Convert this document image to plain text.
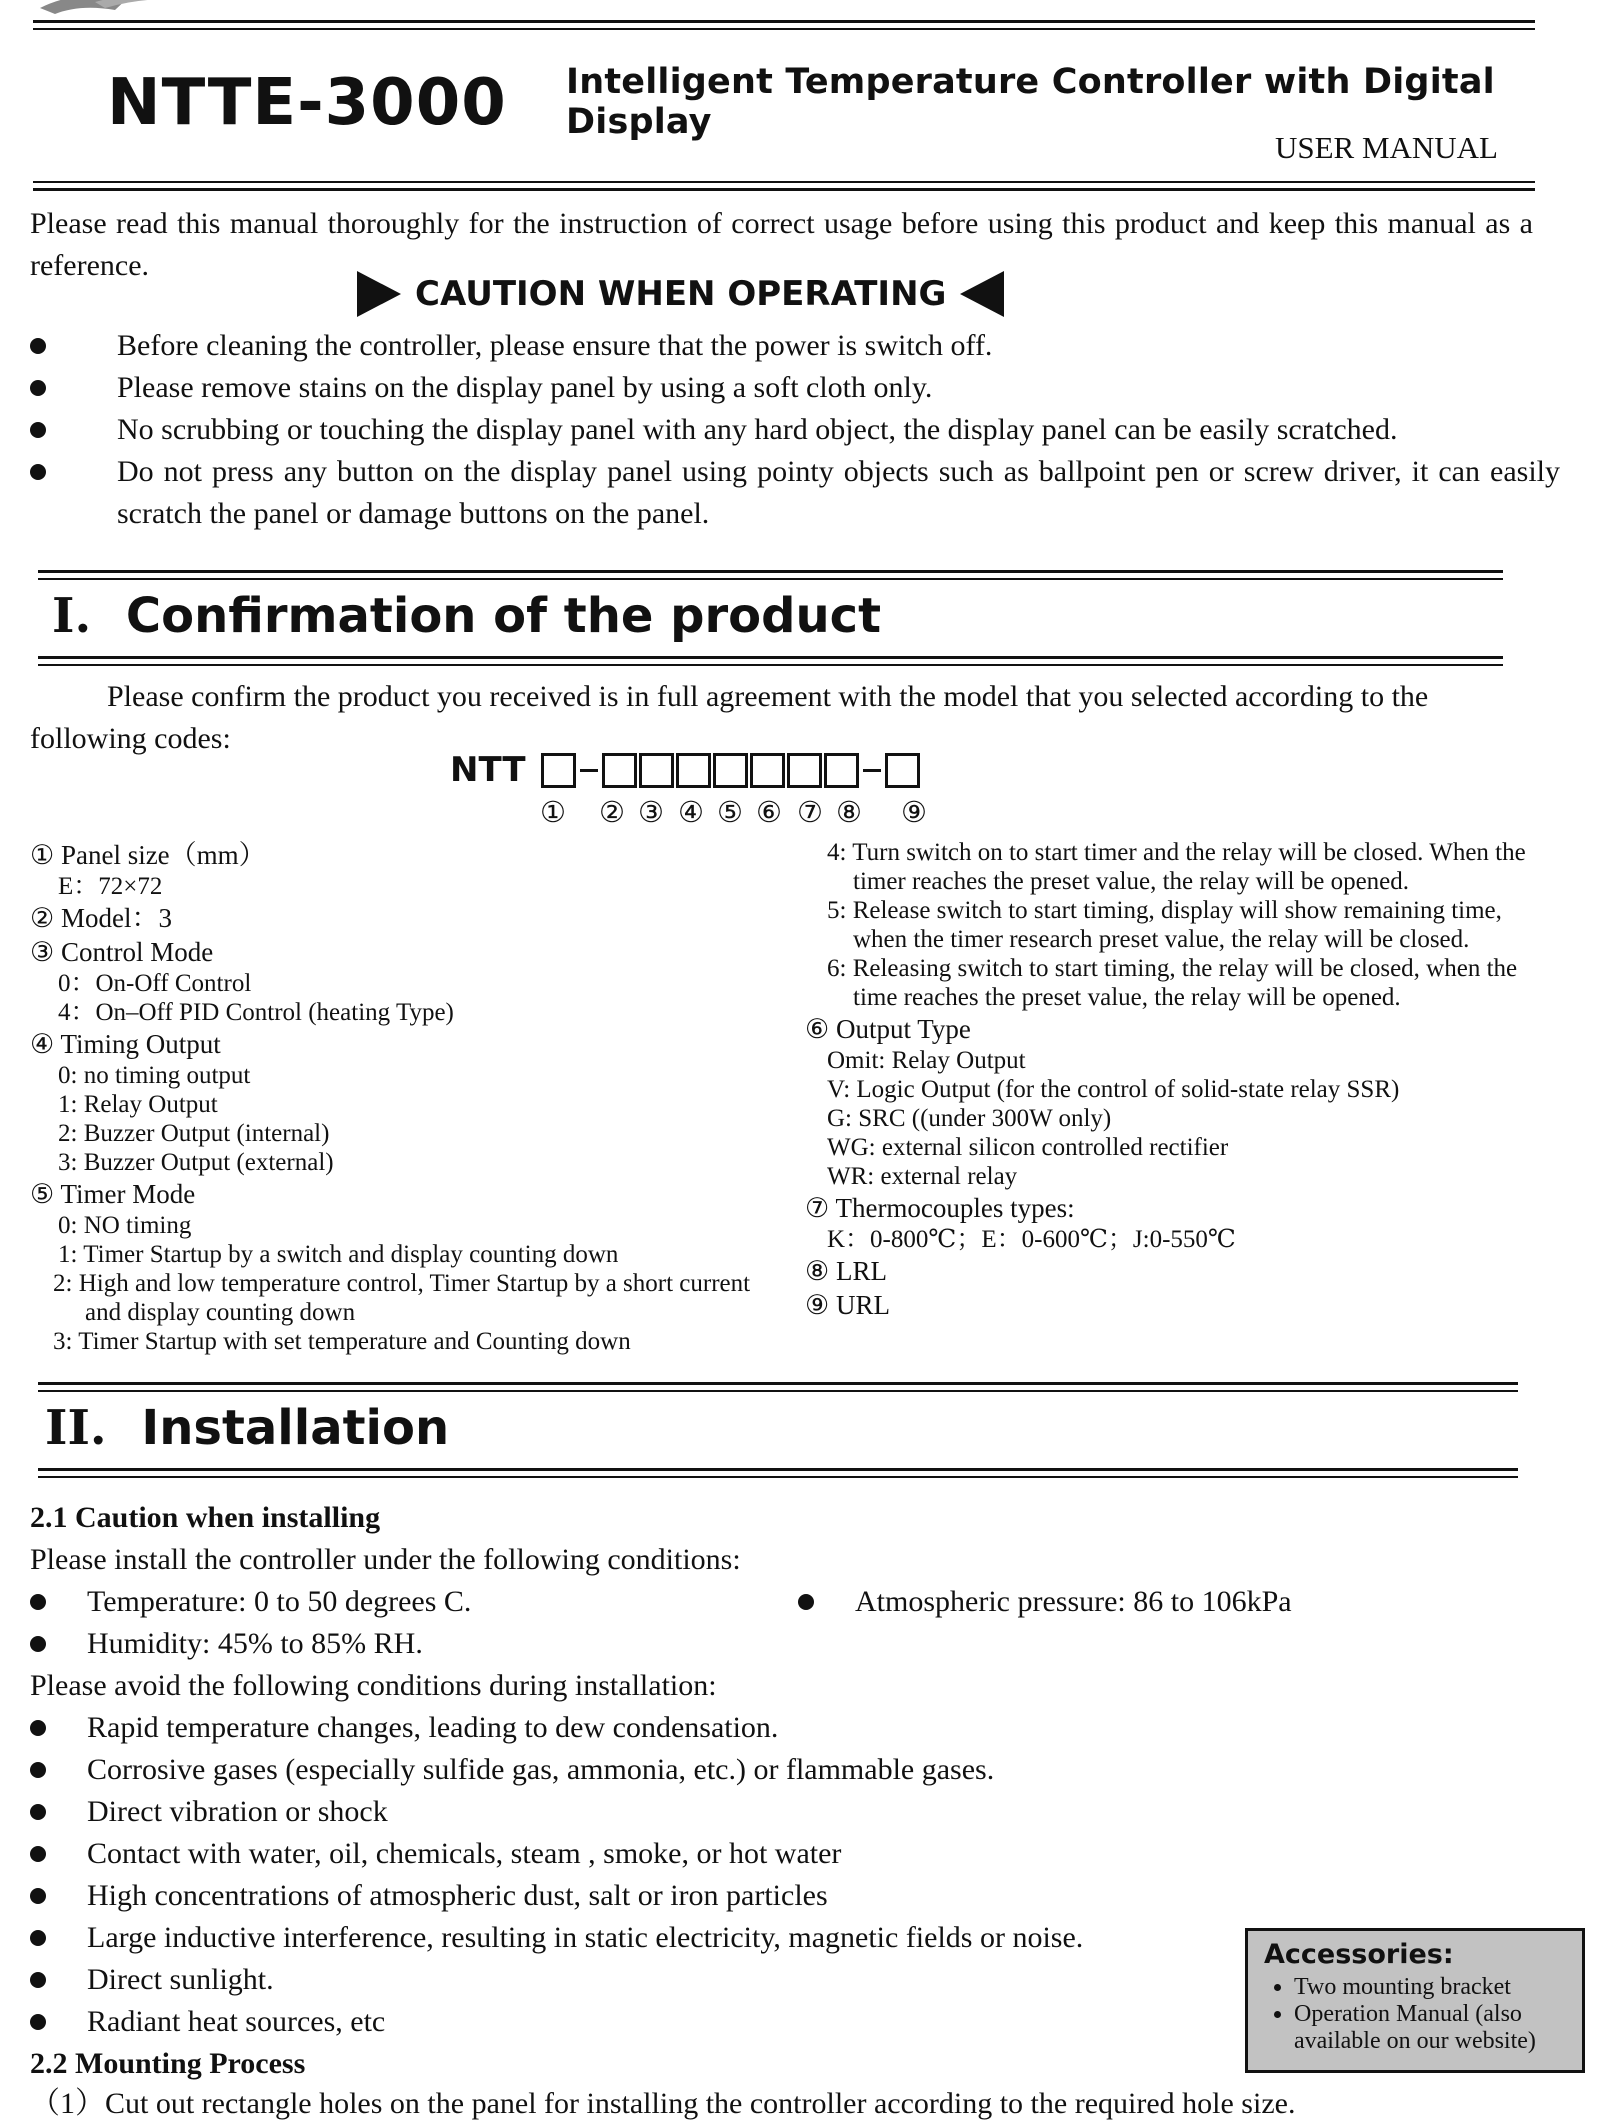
NTTE-3000 Intelligent Temperature Controller with Digital Display
USER MANUAL
Please read this manual thoroughly for the instruction of correct usage before using this product and keep this manual as a reference.
CAUTION WHEN OPERATING
Before cleaning the controller, please ensure that the power is switch off.
Please remove stains on the display panel by using a soft cloth only.
No scrubbing or touching the display panel with any hard object, the display panel can be easily scratched.
Do not press any button on the display panel using pointy objects such as ballpoint pen or screw driver, it can easily scratch the panel or damage buttons on the panel.
I. Confirmation of the product
Please confirm the product you received is in full agreement with the model that you selected according to the following codes:
NTT
① ② ③ ④ ⑤ ⑥ ⑦ ⑧ ⑨
① Panel size（mm）
E：72×72
② Model：3
③ Control Mode
0：On-Off Control
4：On–Off PID Control (heating Type)
④ Timing Output
0: no timing output
1: Relay Output
2: Buzzer Output (internal)
3: Buzzer Output (external)
⑤ Timer Mode
0: NO timing
1: Timer Startup by a switch and display counting down
2: High and low temperature control, Timer Startup by a short current
and display counting down
3: Timer Startup with set temperature and Counting down
4: Turn switch on to start timer and the relay will be closed. When the
timer reaches the preset value, the relay will be opened.
5: Release switch to start timing, display will show remaining time,
when the timer research preset value, the relay will be closed.
6: Releasing switch to start timing, the relay will be closed, when the
time reaches the preset value, the relay will be opened.
⑥ Output Type
Omit: Relay Output
V: Logic Output (for the control of solid-state relay SSR)
G: SRC ((under 300W only)
WG: external silicon controlled rectifier
WR: external relay
⑦ Thermocouples types:
K：0-800℃；E：0-600℃；J:0-550℃
⑧ LRL
⑨ URL
II. Installation
2.1 Caution when installing
Please install the controller under the following conditions:
Temperature: 0 to 50 degrees C.	Atmospheric pressure: 86 to 106kPa
Humidity: 45% to 85% RH.
Please avoid the following conditions during installation:
Rapid temperature changes, leading to dew condensation.
Corrosive gases (especially sulfide gas, ammonia, etc.) or flammable gases.
Direct vibration or shock
Contact with water, oil, chemicals, steam , smoke, or hot water
High concentrations of atmospheric dust, salt or iron particles
Large inductive interference, resulting in static electricity, magnetic fields or noise.
Direct sunlight.
Radiant heat sources, etc
2.2 Mounting Process
（1）Cut out rectangle holes on the panel for installing the controller according to the required hole size.
Accessories:
• Two mounting bracket
• Operation Manual (also available on our website)
